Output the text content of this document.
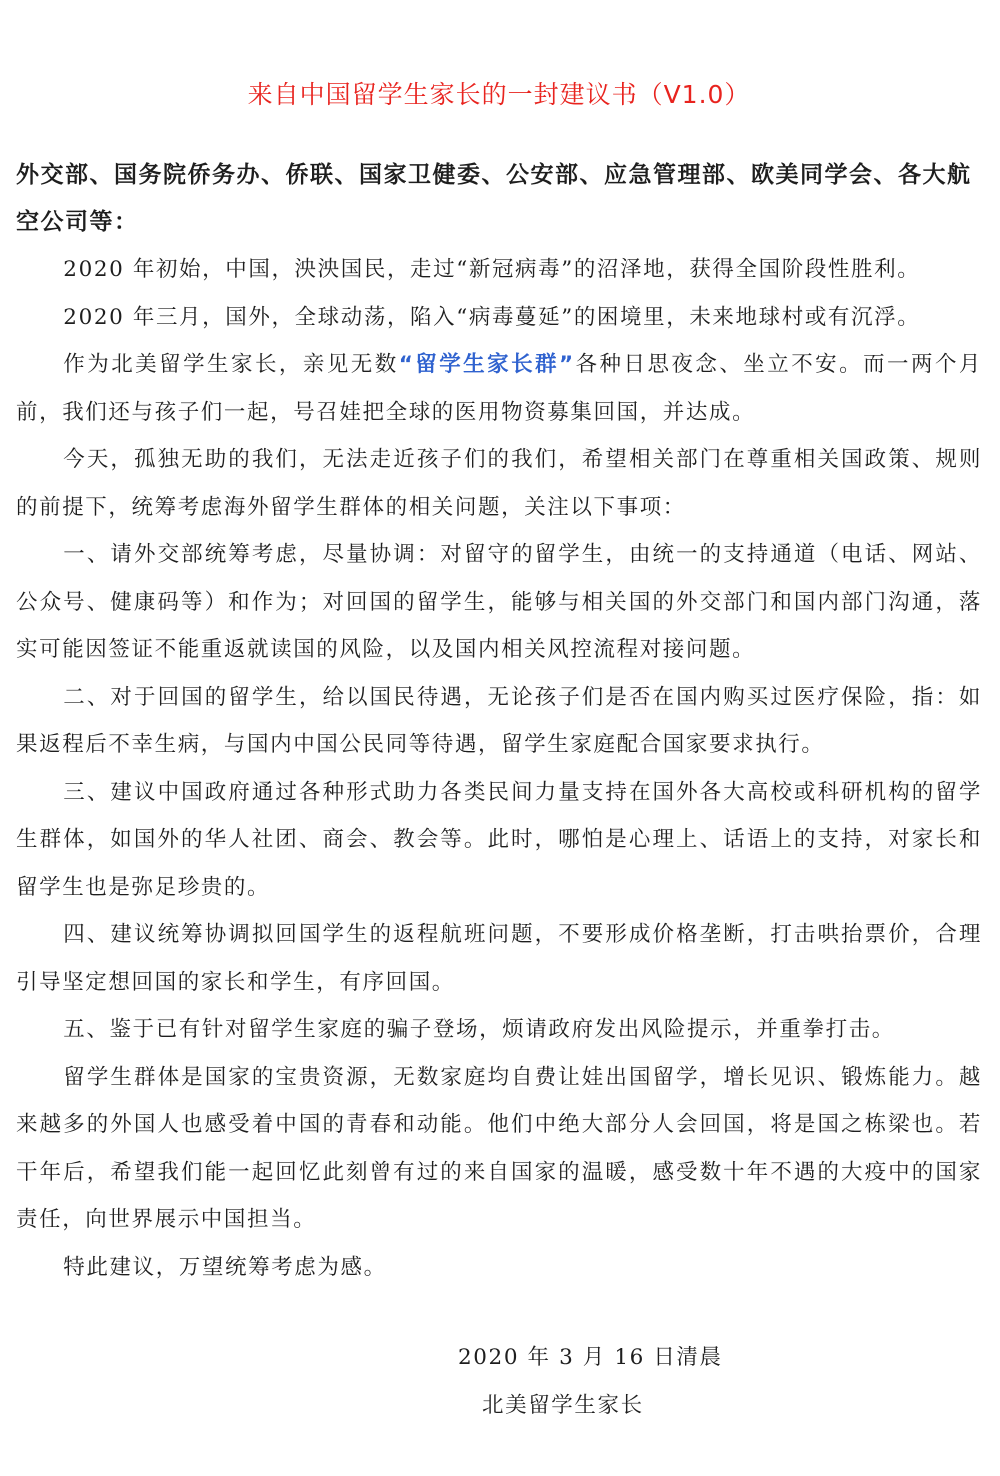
来自中国留学生家长的一封建议书（V1.0）
外交部、国务院侨务办、侨联、国家卫健委、公安部、应急管理部、欧美同学会、各大航空公司等：

2020 年初始，中国，泱泱国民，走过“新冠病毒”的沼泽地，获得全国阶段性胜利。

2020 年三月，国外，全球动荡，陷入“病毒蔓延”的困境里，未来地球村或有沉浮。

作为北美留学生家长，亲见无数“留学生家长群”各种日思夜念、坐立不安。而一两个月前，我们还与孩子们一起，号召娃把全球的医用物资募集回国，并达成。

今天，孤独无助的我们，无法走近孩子们的我们，希望相关部门在尊重相关国政策、规则的前提下，统筹考虑海外留学生群体的相关问题，关注以下事项：

一、请外交部统筹考虑，尽量协调：对留守的留学生，由统一的支持通道（电话、网站、公众号、健康码等）和作为；对回国的留学生，能够与相关国的外交部门和国内部门沟通，落实可能因签证不能重返就读国的风险，以及国内相关风控流程对接问题。

二、对于回国的留学生，给以国民待遇，无论孩子们是否在国内购买过医疗保险，指：如果返程后不幸生病，与国内中国公民同等待遇，留学生家庭配合国家要求执行。

三、建议中国政府通过各种形式助力各类民间力量支持在国外各大高校或科研机构的留学生群体，如国外的华人社团、商会、教会等。此时，哪怕是心理上、话语上的支持，对家长和留学生也是弥足珍贵的。

四、建议统筹协调拟回国学生的返程航班问题，不要形成价格垄断，打击哄抬票价，合理引导坚定想回国的家长和学生，有序回国。

五、鉴于已有针对留学生家庭的骗子登场，烦请政府发出风险提示，并重拳打击。

留学生群体是国家的宝贵资源，无数家庭均自费让娃出国留学，增长见识、锻炼能力。越来越多的外国人也感受着中国的青春和动能。他们中绝大部分人会回国，将是国之栋梁也。若干年后，希望我们能一起回忆此刻曾有过的来自国家的温暖，感受数十年不遇的大疫中的国家责任，向世界展示中国担当。

特此建议，万望统筹考虑为感。

2020 年 3 月 16 日清晨
北美留学生家长
